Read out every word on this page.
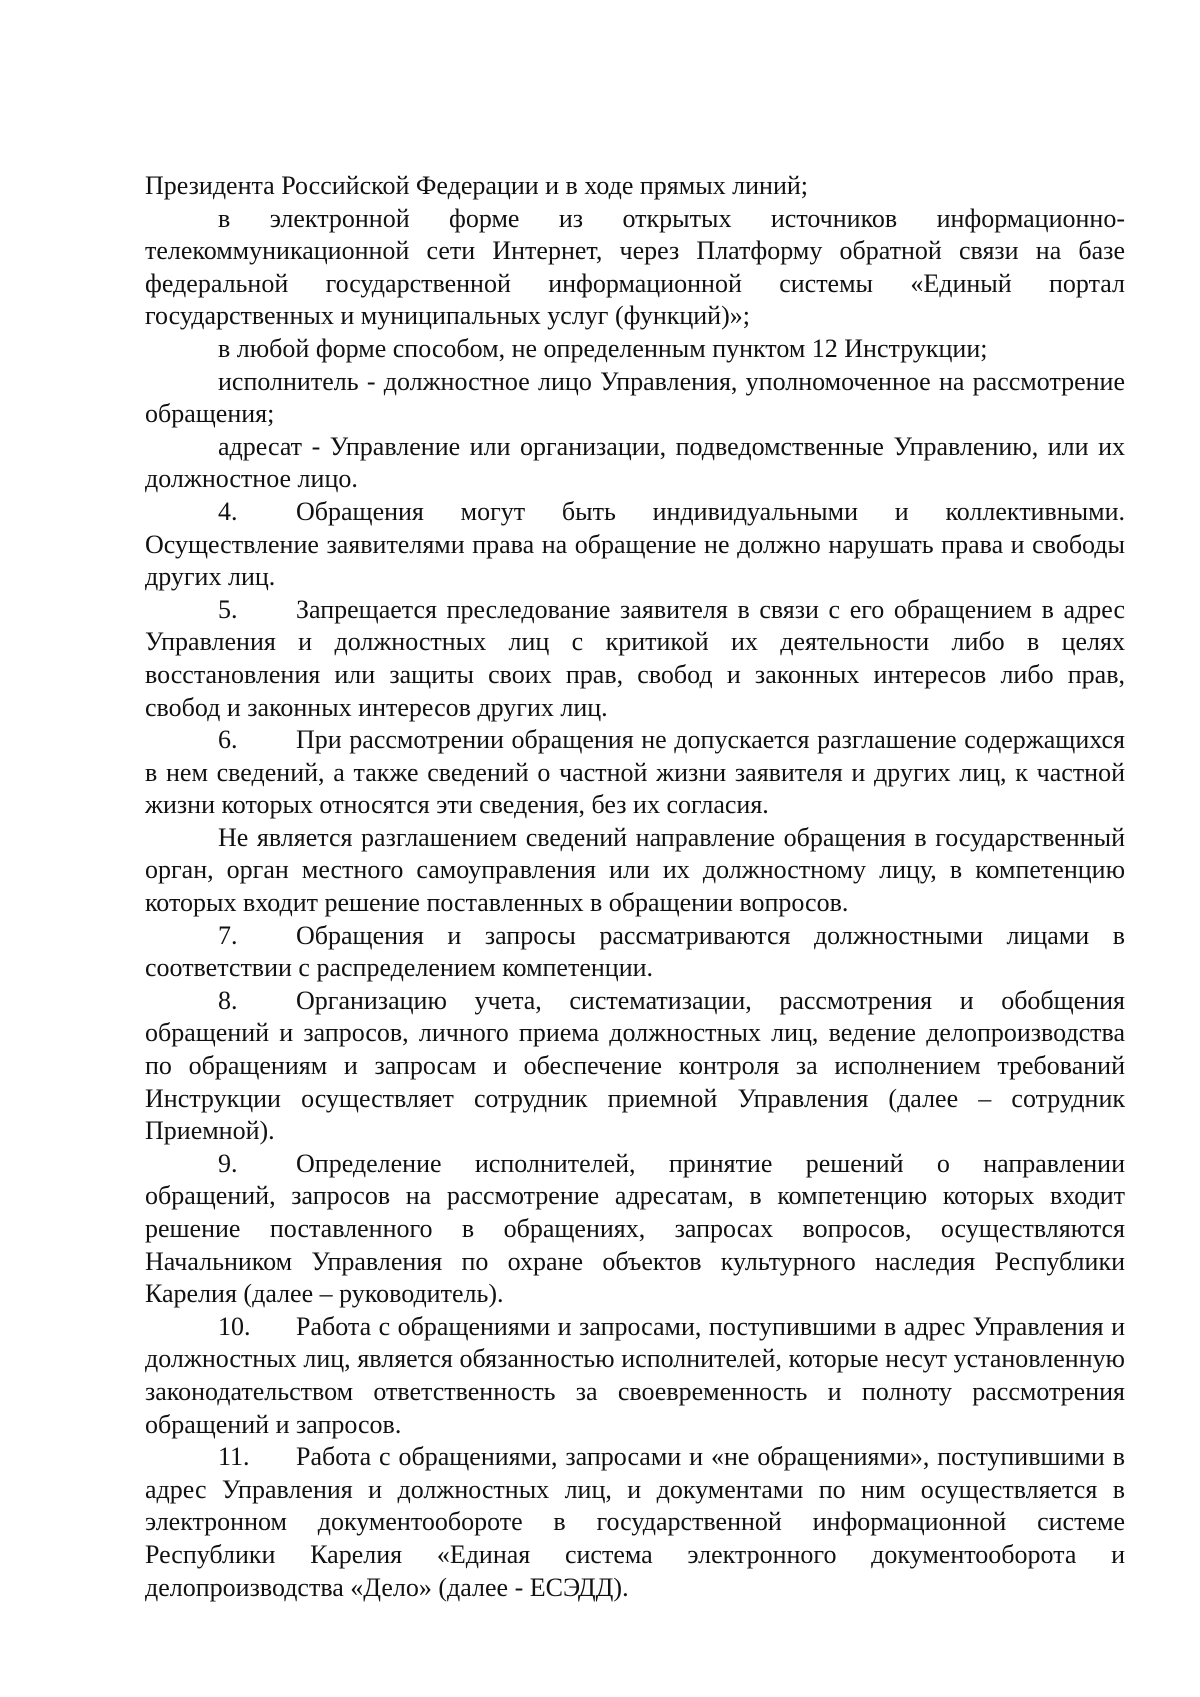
Президента Российской Федерации и в ходе прямых линий;

в электронной форме из открытых источников информационно-телекоммуникационной сети Интернет, через Платформу обратной связи на базе федеральной государственной информационной системы «Единый портал государственных и муниципальных услуг (функций)»;

в любой форме способом, не определенным пунктом 12 Инструкции;

исполнитель - должностное лицо Управления, уполномоченное на рассмотрение обращения;

адресат - Управление или организации, подведомственные Управлению, или их должностное лицо.

4. Обращения могут быть индивидуальными и коллективными. Осуществление заявителями права на обращение не должно нарушать права и свободы других лиц.

5. Запрещается преследование заявителя в связи с его обращением в адрес Управления и должностных лиц с критикой их деятельности либо в целях восстановления или защиты своих прав, свобод и законных интересов либо прав, свобод и законных интересов других лиц.

6. При рассмотрении обращения не допускается разглашение содержащихся в нем сведений, а также сведений о частной жизни заявителя и других лиц, к частной жизни которых относятся эти сведения, без их согласия.

Не является разглашением сведений направление обращения в государственный орган, орган местного самоуправления или их должностному лицу, в компетенцию которых входит решение поставленных в обращении вопросов.

7. Обращения и запросы рассматриваются должностными лицами в соответствии с распределением компетенции.

8. Организацию учета, систематизации, рассмотрения и обобщения обращений и запросов, личного приема должностных лиц, ведение делопроизводства по обращениям и запросам и обеспечение контроля за исполнением требований Инструкции осуществляет сотрудник приемной Управления (далее – сотрудник Приемной).

9. Определение исполнителей, принятие решений о направлении обращений, запросов на рассмотрение адресатам, в компетенцию которых входит решение поставленного в обращениях, запросах вопросов, осуществляются Начальником Управления по охране объектов культурного наследия Республики Карелия (далее – руководитель).

10. Работа с обращениями и запросами, поступившими в адрес Управления и должностных лиц, является обязанностью исполнителей, которые несут установленную законодательством ответственность за своевременность и полноту рассмотрения обращений и запросов.

11. Работа с обращениями, запросами и «не обращениями», поступившими в адрес Управления и должностных лиц, и документами по ним осуществляется в электронном документообороте в государственной информационной системе Республики Карелия «Единая система электронного документооборота и делопроизводства «Дело» (далее - ЕСЭДД).
